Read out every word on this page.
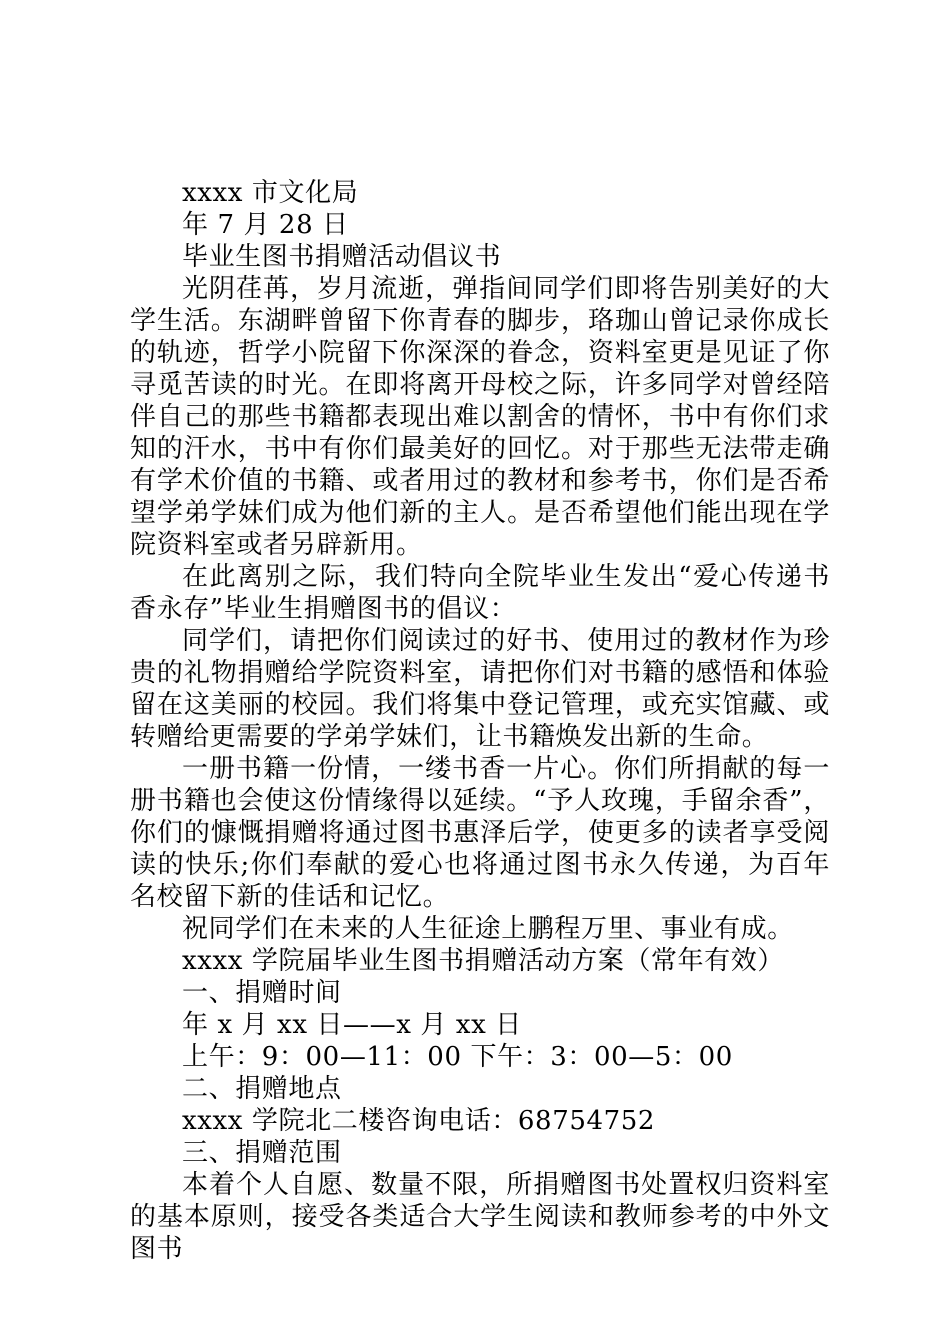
xxxx 市文化局

年 7 月 28 日

毕业生图书捐赠活动倡议书

光阴荏苒，岁月流逝，弹指间同学们即将告别美好的大学生活。东湖畔曾留下你青春的脚步，珞珈山曾记录你成长的轨迹，哲学小院留下你深深的眷念，资料室更是见证了你寻觅苦读的时光。在即将离开母校之际，许多同学对曾经陪伴自己的那些书籍都表现出难以割舍的情怀，书中有你们求知的汗水，书中有你们最美好的回忆。对于那些无法带走确有学术价值的书籍、或者用过的教材和参考书，你们是否希望学弟学妹们成为他们新的主人。是否希望他们能出现在学院资料室或者另辟新用。

在此离别之际，我们特向全院毕业生发出“爱心传递书香永存”毕业生捐赠图书的倡议：

同学们，请把你们阅读过的好书、使用过的教材作为珍贵的礼物捐赠给学院资料室，请把你们对书籍的感悟和体验留在这美丽的校园。我们将集中登记管理，或充实馆藏、或转赠给更需要的学弟学妹们，让书籍焕发出新的生命。

一册书籍一份情，一缕书香一片心。你们所捐献的每一册书籍也会使这份情缘得以延续。“予人玫瑰，手留余香”，你们的慷慨捐赠将通过图书惠泽后学，使更多的读者享受阅读的快乐;你们奉献的爱心也将通过图书永久传递，为百年名校留下新的佳话和记忆。

祝同学们在未来的人生征途上鹏程万里、事业有成。

xxxx 学院届毕业生图书捐赠活动方案（常年有效）

一、捐赠时间

年 x 月 xx 日——x 月 xx 日

上午：9：00—11：00 下午：3：00—5：00

二、捐赠地点

xxxx 学院北二楼咨询电话：68754752

三、捐赠范围

本着个人自愿、数量不限，所捐赠图书处置权归资料室的基本原则，接受各类适合大学生阅读和教师参考的中外文图书
